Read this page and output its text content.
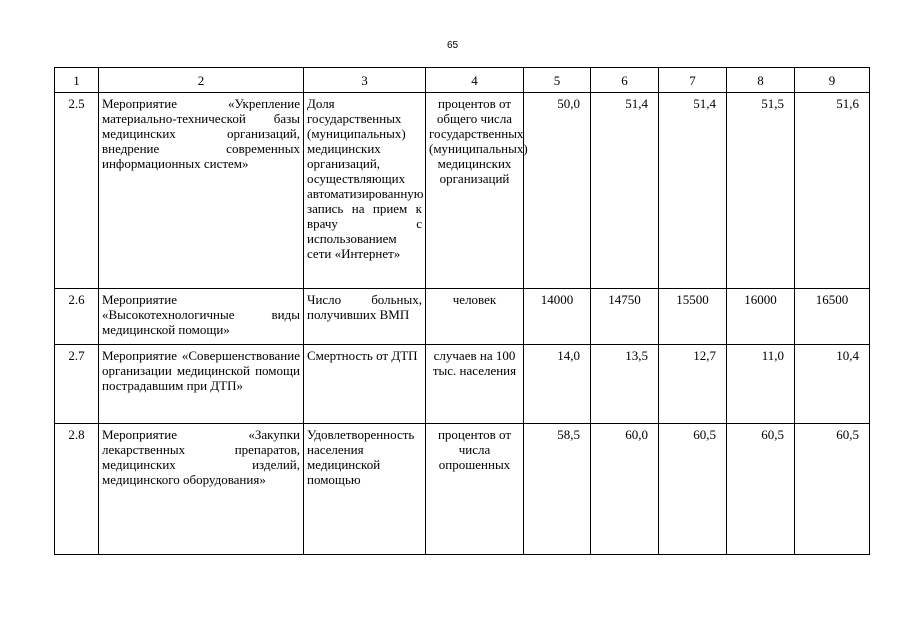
65
1	2	3	4	5	6	7	8	9
2.5	Мероприятие «Укрепление материально-технической базы медицинских организаций, внедрение современных информационных систем»	Доля государственных (муниципальных) медицинских организаций, осуществляющих автоматизированную запись на прием к врачу с использованием сети «Интернет»	процентов от общего числа государственных (муниципальных) медицинских организаций	50,0	51,4	51,4	51,5	51,6
2.6	Мероприятие «Высокотехнологичные виды медицинской помощи»	Число больных, получивших ВМП	человек	14000	14750	15500	16000	16500
2.7	Мероприятие «Совершенствование организации медицинской помощи пострадавшим при ДТП»	Смертность от ДТП	случаев на 100 тыс. населения	14,0	13,5	12,7	11,0	10,4
2.8	Мероприятие «Закупки лекарственных препаратов, медицинских изделий, медицинского оборудования»	Удовлетворенность населения медицинской помощью	процентов от числа опрошенных	58,5	60,0	60,5	60,5	60,5
